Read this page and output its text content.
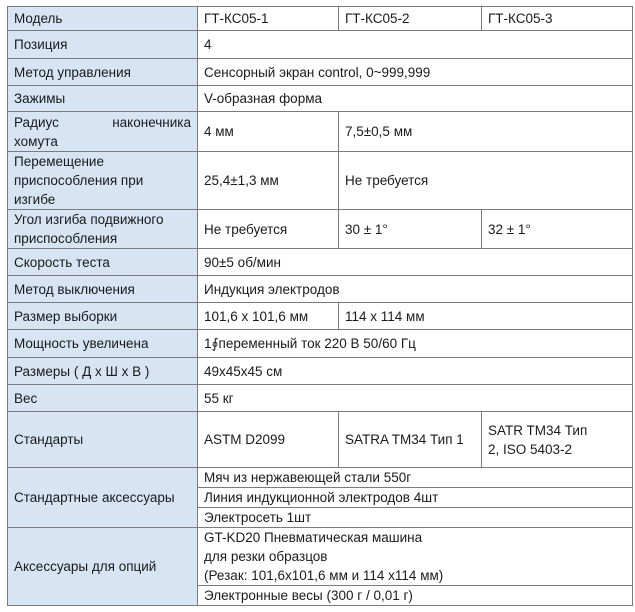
Модель	ГТ-КС05-1	ГТ-КС05-2	ГТ-КС05-3
Позиция	4		
Метод управления	Сенсорный экран control, 0~999,999		
Зажимы	V-образная форма		

Радиус наконечника
хомута	4 мм	7,5±0,5 мм	

Перемещение
приспособления при
изгибе	25,4±1,3 мм	Не требуется	

Угол изгиба подвижного
приспособления	Не требуется	30 ± 1°	32 ± 1°
Скорость теста	90±5 об/мин		
Метод выключения	Индукция электродов		
Размер выборки	101,6 x 101,6 мм	114 x 114 мм	
Мощность увеличена	1∮переменный ток 220 В 50/60 Гц		
Размеры ( Д x Ш x В )	49x45x45 см		
Вес	55 кг		
Стандарты	ASTM D2099	SATRA TM34 Тип 1	SATR TM34 Тип
2, ISO 5403-2

Стандартные аксессуары	Мяч из нержавеющей стали 550г		
	Линия индукционной электродов 4шт		
	Электросеть 1шт		
Аксессуары для опций	GT-KD20 Пневматическая машина
для резки образцов
(Резак: 101,6x101,6 мм и 114 x114 мм)		

	Электронные весы (300 г / 0,01 г)		
